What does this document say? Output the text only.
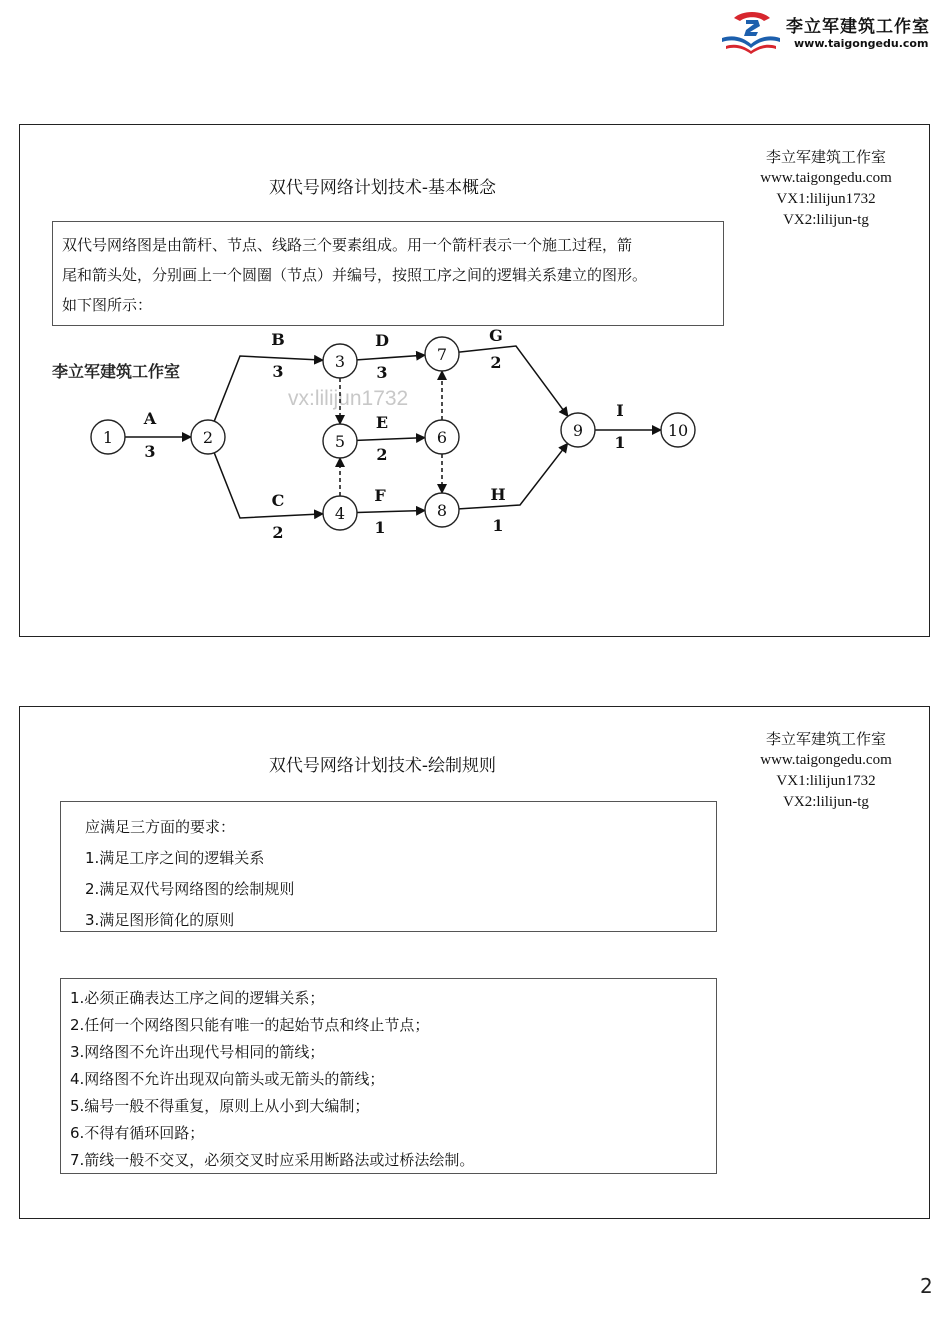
李立军建筑工作室
www.taigongedu.com
双代号网络计划技术-基本概念
李立军建筑工作室
www.taigongedu.com
VX1:lilijun1732
VX2:lilijun-tg
双代号网络图是由箭杆、节点、线路三个要素组成。用一个箭杆表示一个施工过程，箭
尾和箭头处，分别画上一个圆圈（节点）并编号，按照工序之间的逻辑关系建立的图形。
如下图所示：
李立军建筑工作室
vx:lilijun1732
A
3
B
3
C
2
D
3
E
2
F
1
G
2
H
1
I
1
1	2
3
4
5	6
7
8
9	10
双代号网络计划技术-绘制规则
李立军建筑工作室
www.taigongedu.com
VX1:lilijun1732
VX2:lilijun-tg
应满足三方面的要求：
1.满足工序之间的逻辑关系
2.满足双代号网络图的绘制规则
3.满足图形简化的原则
1.必须正确表达工序之间的逻辑关系；
2.任何一个网络图只能有唯一的起始节点和终止节点；
3.网络图不允许出现代号相同的箭线；
4.网络图不允许出现双向箭头或无箭头的箭线；
5.编号一般不得重复，原则上从小到大编制；
6.不得有循环回路；
7.箭线一般不交叉，必须交叉时应采用断路法或过桥法绘制。
2
